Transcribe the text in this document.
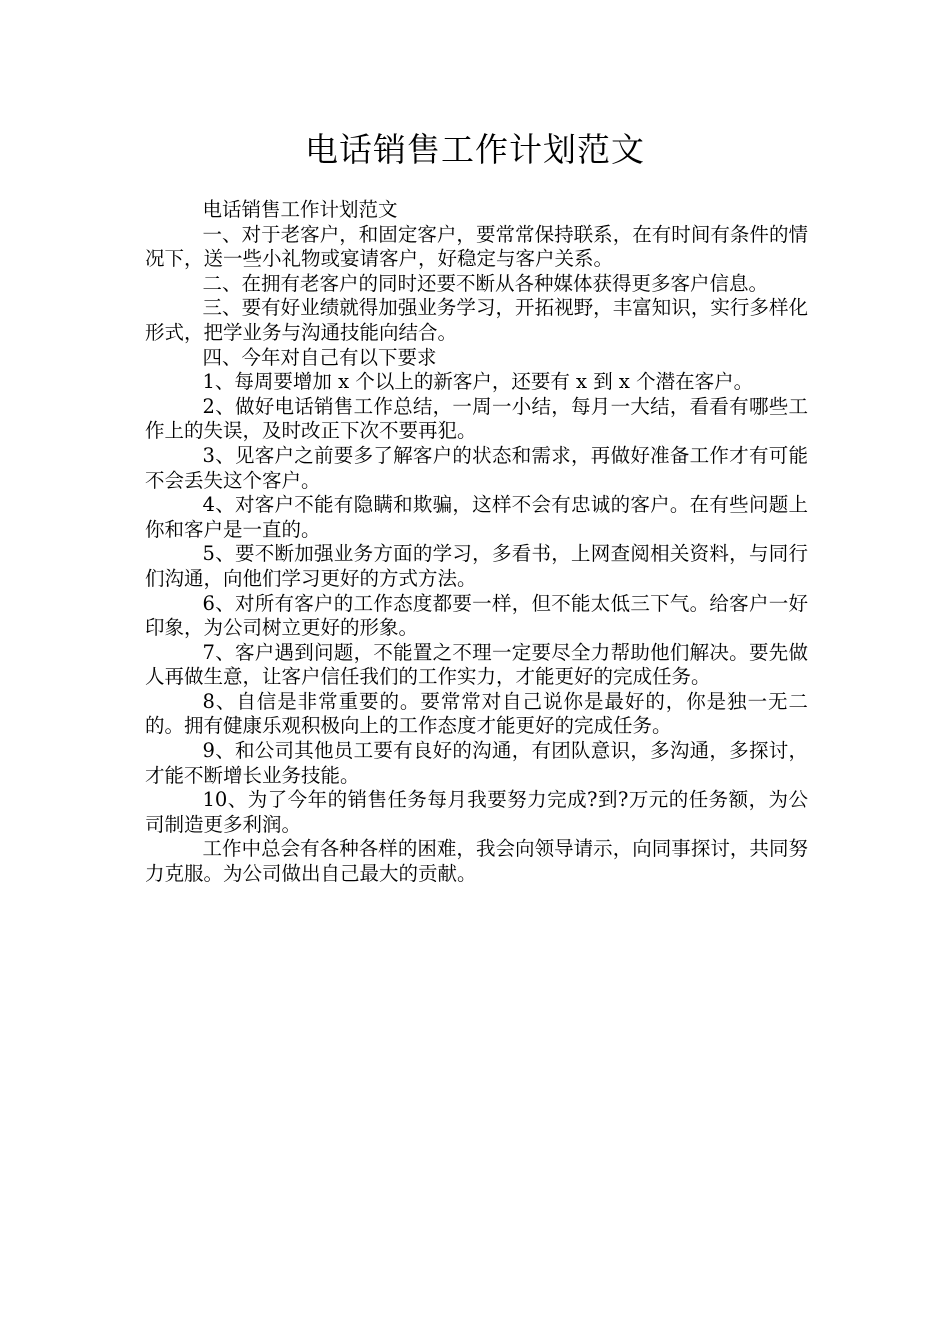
电话销售工作计划范文

电话销售工作计划范文

一、对于老客户，和固定客户，要常常保持联系，在有时间有条件的情况下，送一些小礼物或宴请客户，好稳定与客户关系。

二、在拥有老客户的同时还要不断从各种媒体获得更多客户信息。

三、要有好业绩就得加强业务学习，开拓视野，丰富知识，实行多样化形式，把学业务与沟通技能向结合。

四、今年对自己有以下要求

1、每周要增加 x 个以上的新客户，还要有 x 到 x 个潜在客户。

2、做好电话销售工作总结，一周一小结，每月一大结，看看有哪些工作上的失误，及时改正下次不要再犯。

3、见客户之前要多了解客户的状态和需求，再做好准备工作才有可能不会丢失这个客户。

4、对客户不能有隐瞒和欺骗，这样不会有忠诚的客户。在有些问题上你和客户是一直的。

5、要不断加强业务方面的学习，多看书，上网查阅相关资料，与同行们沟通，向他们学习更好的方式方法。

6、对所有客户的工作态度都要一样，但不能太低三下气。给客户一好印象，为公司树立更好的形象。

7、客户遇到问题，不能置之不理一定要尽全力帮助他们解决。要先做人再做生意，让客户信任我们的工作实力，才能更好的完成任务。

8、自信是非常重要的。要常常对自己说你是最好的，你是独一无二的。拥有健康乐观积极向上的工作态度才能更好的完成任务。

9、和公司其他员工要有良好的沟通，有团队意识，多沟通，多探讨，才能不断增长业务技能。

10、为了今年的销售任务每月我要努力完成?到?万元的任务额，为公司制造更多利润。

工作中总会有各种各样的困难，我会向领导请示，向同事探讨，共同努力克服。为公司做出自己最大的贡献。
